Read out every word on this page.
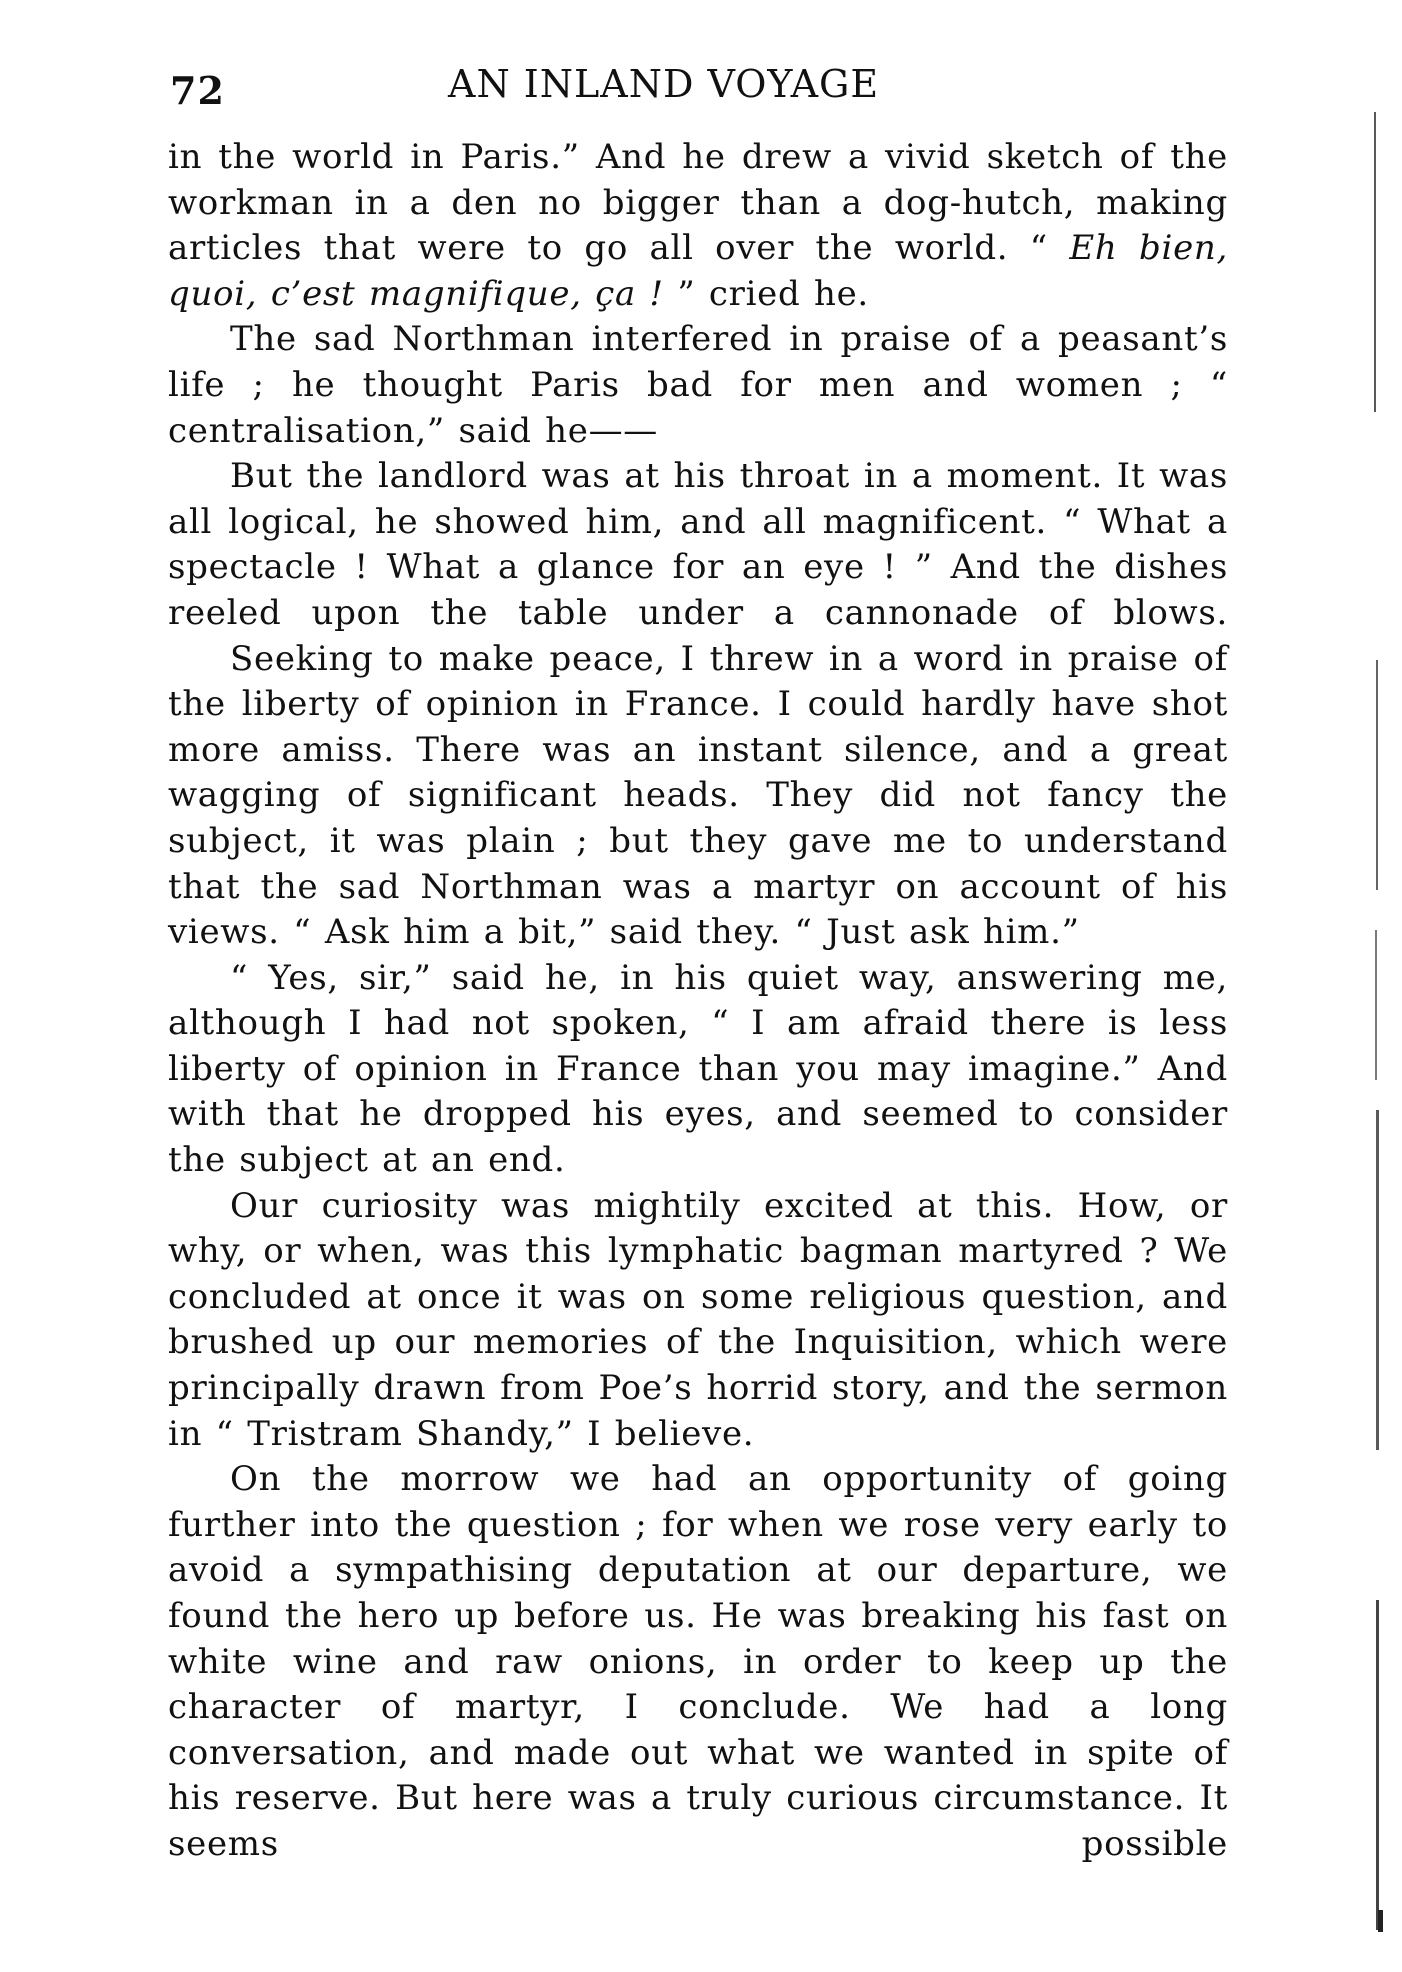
72	AN INLAND VOYAGE

in the world in Paris.” And he drew a vivid sketch of the workman in a den no bigger than a dog-hutch, making articles that were to go all over the world. “ Eh bien, quoi, c’est magnifique, ça ! ” cried he.

The sad Northman interfered in praise of a peasant’s life ; he thought Paris bad for men and women ; “ centralisation,” said he——

But the landlord was at his throat in a moment. It was all logical, he showed him, and all magnificent. “ What a spectacle ! What a glance for an eye ! ” And the dishes reeled upon the table under a cannonade of blows.

Seeking to make peace, I threw in a word in praise of the liberty of opinion in France. I could hardly have shot more amiss. There was an instant silence, and a great wagging of significant heads. They did not fancy the subject, it was plain ; but they gave me to understand that the sad Northman was a martyr on account of his views. “ Ask him a bit,” said they. “ Just ask him.”

“ Yes, sir,” said he, in his quiet way, answering me, although I had not spoken, “ I am afraid there is less liberty of opinion in France than you may imagine.” And with that he dropped his eyes, and seemed to consider the subject at an end.

Our curiosity was mightily excited at this. How, or why, or when, was this lymphatic bagman martyred ? We concluded at once it was on some religious question, and brushed up our memories of the Inquisition, which were principally drawn from Poe’s horrid story, and the sermon in “ Tristram Shandy,” I believe.

On the morrow we had an opportunity of going further into the question ; for when we rose very early to avoid a sympathising deputation at our departure, we found the hero up before us. He was breaking his fast on white wine and raw onions, in order to keep up the character of martyr, I conclude. We had a long conversation, and made out what we wanted in spite of his reserve. But here was a truly curious circumstance. It seems possible
